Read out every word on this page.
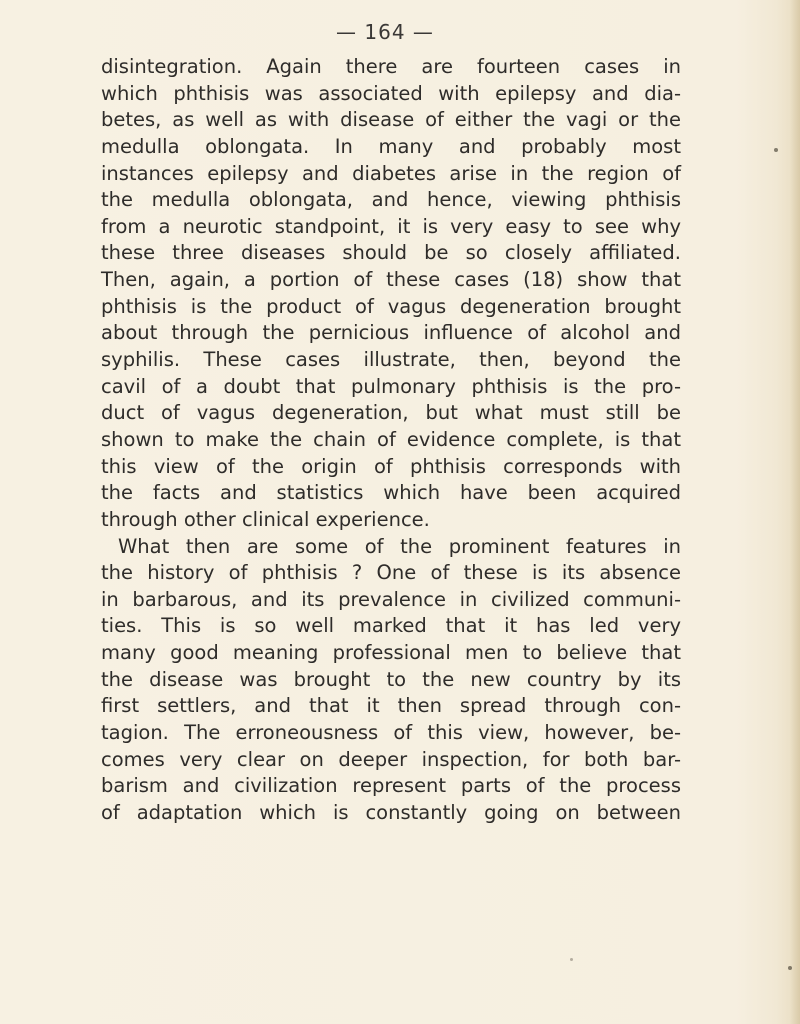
— 164 —
disintegration. Again there are fourteen cases in
which phthisis was associated with epilepsy and dia-
betes, as well as with disease of either the vagi or the
medulla oblongata. In many and probably most
instances epilepsy and diabetes arise in the region of
the medulla oblongata, and hence, viewing phthisis
from a neurotic standpoint, it is very easy to see why
these three diseases should be so closely affiliated.
Then, again, a portion of these cases (18) show that
phthisis is the product of vagus degeneration brought
about through the pernicious influence of alcohol and
syphilis. These cases illustrate, then, beyond the
cavil of a doubt that pulmonary phthisis is the pro-
duct of vagus degeneration, but what must still be
shown to make the chain of evidence complete, is that
this view of the origin of phthisis corresponds with
the facts and statistics which have been acquired
through other clinical experience.
What then are some of the prominent features in
the history of phthisis ? One of these is its absence
in barbarous, and its prevalence in civilized communi-
ties. This is so well marked that it has led very
many good meaning professional men to believe that
the disease was brought to the new country by its
first settlers, and that it then spread through con-
tagion. The erroneousness of this view, however, be-
comes very clear on deeper inspection, for both bar-
barism and civilization represent parts of the process
of adaptation which is constantly going on between
